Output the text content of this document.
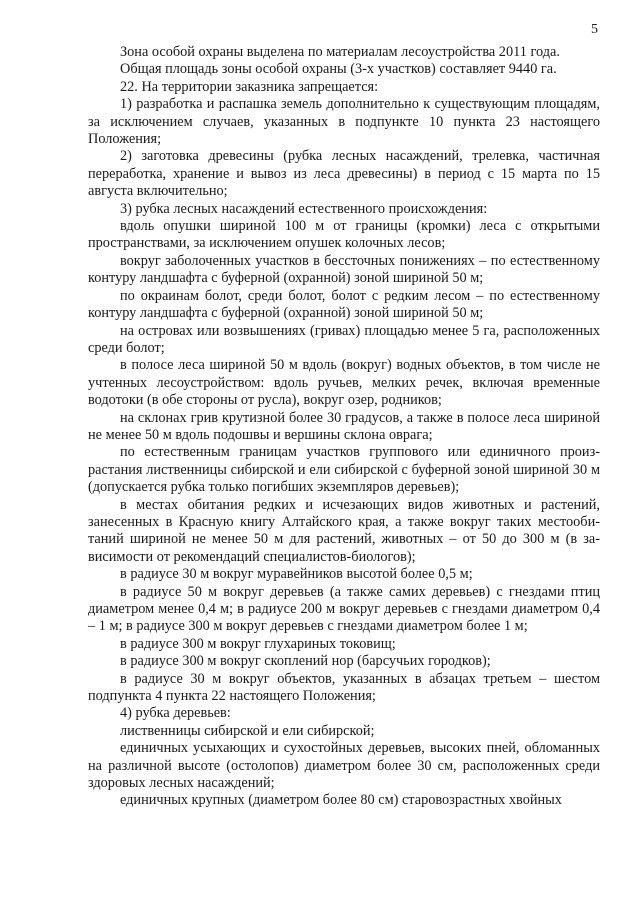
5

Зона особой охраны выделена по материалам лесоустройства 2011 года.

Общая площадь зоны особой охраны (3-х участков) составляет 9440 га.

22. На территории заказника запрещается:

1) разработка и распашка земель дополнительно к существующим площадям, за исключением случаев, указанных в подпункте 10 пункта 23 настоящего Положения;

2) заготовка древесины (рубка лесных насаждений, трелевка, частичная переработка, хранение и вывоз из леса древесины) в период с 15 марта по 15 августа включительно;

3) рубка лесных насаждений естественного происхождения:

вдоль опушки шириной 100 м от границы (кромки) леса с открытыми пространствами, за исключением опушек колочных лесов;

вокруг заболоченных участков в бессточных понижениях – по естественному контуру ландшафта с буферной (охранной) зоной шириной 50 м;

по окраинам болот, среди болот, болот с редким лесом – по естественному контуру ландшафта с буферной (охранной) зоной шириной 50 м;

на островах или возвышениях (гривах) площадью менее 5 га, расположенных среди болот;

в полосе леса шириной 50 м вдоль (вокруг) водных объектов, в том числе не учтенных лесоустройством: вдоль ручьев, мелких речек, включая временные водотоки (в обе стороны от русла), вокруг озер, родников;

на склонах грив крутизной более 30 градусов, а также в полосе леса шириной не менее 50 м вдоль подошвы и вершины склона оврага;

по естественным границам участков группового или единичного произрастания лиственницы сибирской и ели сибирской с буферной зоной шириной 30 м (допускается рубка только погибших экземпляров деревьев);

в местах обитания редких и исчезающих видов животных и растений, занесенных в Красную книгу Алтайского края, а также вокруг таких местообитаний шириной не менее 50 м для растений, животных – от 50 до 300 м (в зависимости от рекомендаций специалистов-биологов);

в радиусе 30 м вокруг муравейников высотой более 0,5 м;

в радиусе 50 м вокруг деревьев (а также самих деревьев) с гнездами птиц диаметром менее 0,4 м; в радиусе 200 м вокруг деревьев с гнездами диаметром 0,4 – 1 м; в радиусе 300 м вокруг деревьев с гнездами диаметром более 1 м;

в радиусе 300 м вокруг глухариных токовищ;

в радиусе 300 м вокруг скоплений нор (барсучьих городков);

в радиусе 30 м вокруг объектов, указанных в абзацах третьем – шестом подпункта 4 пункта 22 настоящего Положения;

4) рубка деревьев:

лиственницы сибирской и ели сибирской;

единичных усыхающих и сухостойных деревьев, высоких пней, обломанных на различной высоте (остолопов) диаметром более 30 см, расположенных среди здоровых лесных насаждений;

единичных крупных (диаметром более 80 см) старовозрастных хвойных
